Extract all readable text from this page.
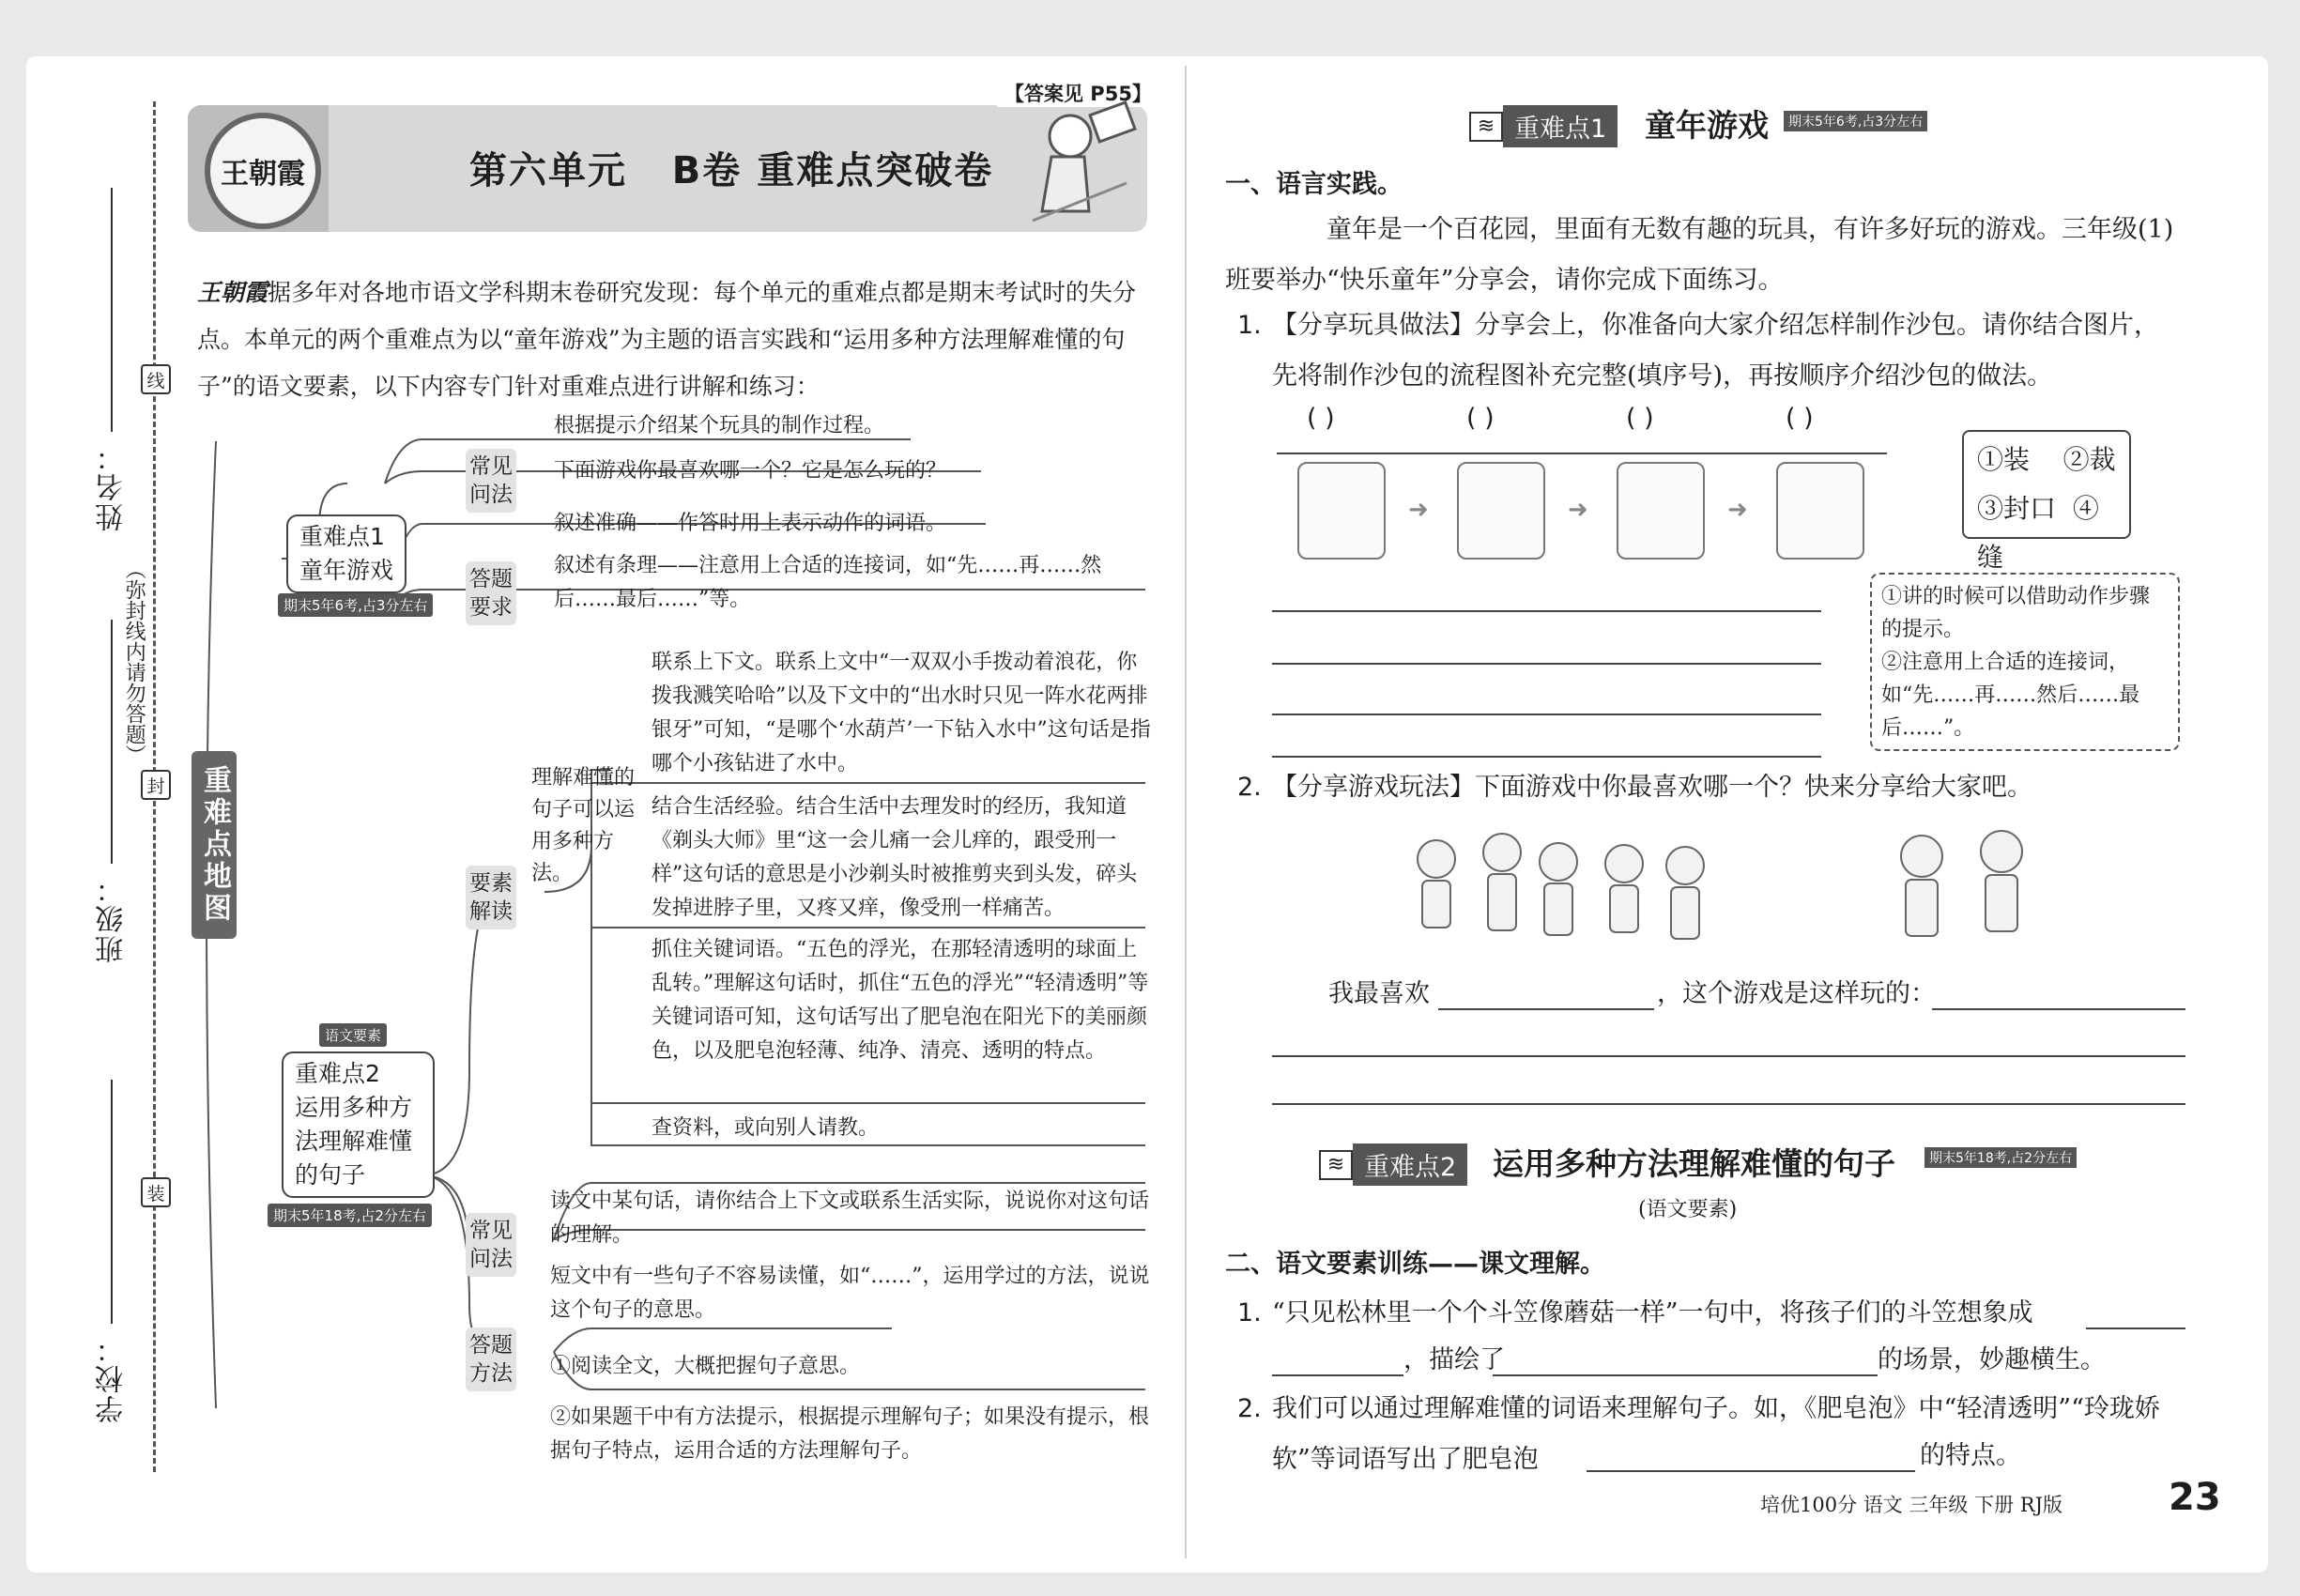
姓名：
班级：
学校：
线
封
装
（弥封线内请勿答题）
【答案见 P55】
王朝霞	第六单元   B卷 重难点突破卷
王朝霞据多年对各地市语文学科期末卷研究发现：每个单元的重难点都是期末考试时的失分点。本单元的两个重难点为以“童年游戏”为主题的语言实践和“运用多种方法理解难懂的句子”的语文要素，以下内容专门针对重难点进行讲解和练习：
重难点地图
重难点1
童年游戏
期末5年6考,占3分左右
常见
问法
答题
要求
根据提示介绍某个玩具的制作过程。
下面游戏你最喜欢哪一个？它是怎么玩的？
叙述准确——作答时用上表示动作的词语。
叙述有条理——注意用上合适的连接词，如“先……再……然后……最后……”等。
语文要素
重难点2
运用多种方
法理解难懂
的句子
期末5年18考,占2分左右
要素
解读
理解难懂的句子可以运用多种方法。
联系上下文。联系上文中“一双双小手拨动着浪花，你拨我溅笑哈哈”以及下文中的“出水时只见一阵水花两排银牙”可知，“是哪个‘水葫芦’一下钻入水中”这句话是指哪个小孩钻进了水中。
结合生活经验。结合生活中去理发时的经历，我知道《剃头大师》里“这一会儿痛一会儿痒的，跟受刑一样”这句话的意思是小沙剃头时被推剪夹到头发，碎头发掉进脖子里，又疼又痒，像受刑一样痛苦。
抓住关键词语。“五色的浮光，在那轻清透明的球面上乱转。”理解这句话时，抓住“五色的浮光”“轻清透明”等关键词语可知，这句话写出了肥皂泡在阳光下的美丽颜色，以及肥皂泡轻薄、纯净、清亮、透明的特点。
查资料，或向别人请教。
常见
问法
读文中某句话，请你结合上下文或联系生活实际，说说你对这句话的理解。
短文中有一些句子不容易读懂，如“……”，运用学过的方法，说说这个句子的意思。
答题
方法 ①阅读全文，大概把握句子意思。
②如果题干中有方法提示，根据提示理解句子；如果没有提示，根据句子特点，运用合适的方法理解句子。
≋ 重难点1	童年游戏	期末5年6考,占3分左右
一、语言实践。
童年是一个百花园，里面有无数有趣的玩具，有许多好玩的游戏。三年级(1)班要举办“快乐童年”分享会，请你完成下面练习。
1. 【分享玩具做法】分享会上，你准备向大家介绍怎样制作沙包。请你结合图片，先将制作沙包的流程图补充完整(填序号)，再按顺序介绍沙包的做法。
( )	( )	( )	( )
➜	➜	➜
①装 ②裁
③封口 ④缝
①讲的时候可以借助动作步骤的提示。
②注意用上合适的连接词，如“先……再……然后……最后……”。
2. 【分享游戏玩法】下面游戏中你最喜欢哪一个？快来分享给大家吧。
我最喜欢	，这个游戏是这样玩的：
≋ 重难点2	运用多种方法理解难懂的句子	期末5年18考,占2分左右
(语文要素)
二、语文要素训练——课文理解。
1. “只见松林里一个个斗笠像蘑菇一样”一句中，将孩子们的斗笠想象成
，描绘了	的场景，妙趣横生。
2. 我们可以通过理解难懂的词语来理解句子。如，《肥皂泡》中“轻清透明”“玲珑娇软”等词语写出了肥皂泡	的特点。
培优100分 语文 三年级 下册 RJ版	23
